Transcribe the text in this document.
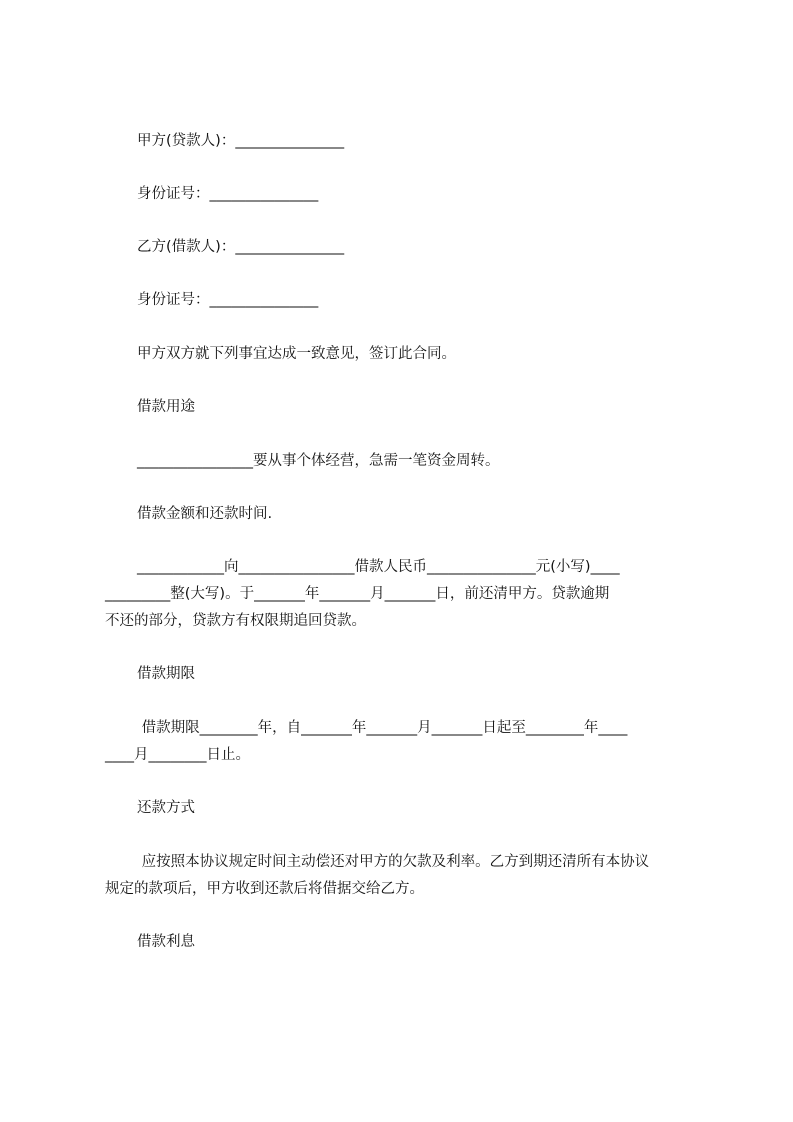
甲方(贷款人)：_______________
身份证号：_______________
乙方(借款人)：_______________
身份证号：_______________
甲方双方就下列事宜达成一致意见，签订此合同。
借款用途
________________要从事个体经营，急需一笔资金周转。
借款金额和还款时间.
____________向________________借款人民币_______________元(小写)____
_________整(大写)。于_______年_______月_______日，前还清甲方。贷款逾期
不还的部分，贷款方有权限期追回贷款。
借款期限
借款期限________年，自_______年_______月_______日起至________年____
____月________日止。
还款方式
应按照本协议规定时间主动偿还对甲方的欠款及利率。乙方到期还清所有本协议
规定的款项后，甲方收到还款后将借据交给乙方。
借款利息
